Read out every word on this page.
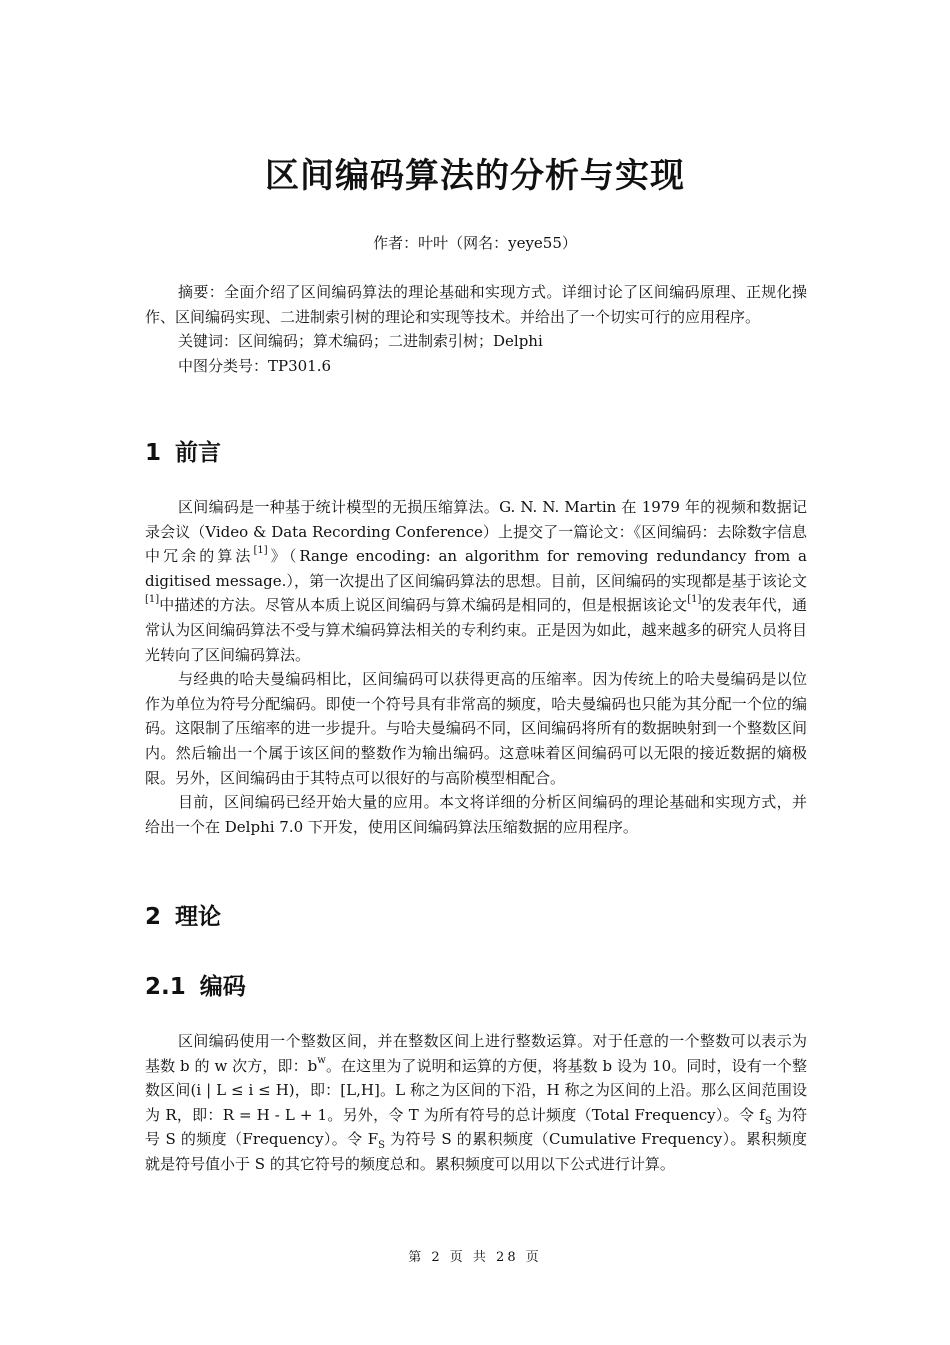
区间编码算法的分析与实现

作者：叶叶（网名：yeye55）

摘要：全面介绍了区间编码算法的理论基础和实现方式。详细讨论了区间编码原理、正规化操作、区间编码实现、二进制索引树的理论和实现等技术。并给出了一个切实可行的应用程序。

关键词：区间编码；算术编码；二进制索引树；Delphi

中图分类号：TP301.6

1 前言

区间编码是一种基于统计模型的无损压缩算法。G. N. N. Martin 在 1979 年的视频和数据记录会议（Video & Data Recording Conference）上提交了一篇论文：《区间编码：去除数字信息中冗余的算法[1]》（Range encoding: an algorithm for removing redundancy from a digitised message.），第一次提出了区间编码算法的思想。目前，区间编码的实现都是基于该论文[1]中描述的方法。尽管从本质上说区间编码与算术编码是相同的，但是根据该论文[1]的发表年代，通常认为区间编码算法不受与算术编码算法相关的专利约束。正是因为如此，越来越多的研究人员将目光转向了区间编码算法。

与经典的哈夫曼编码相比，区间编码可以获得更高的压缩率。因为传统上的哈夫曼编码是以位作为单位为符号分配编码。即使一个符号具有非常高的频度，哈夫曼编码也只能为其分配一个位的编码。这限制了压缩率的进一步提升。与哈夫曼编码不同，区间编码将所有的数据映射到一个整数区间内。然后输出一个属于该区间的整数作为输出编码。这意味着区间编码可以无限的接近数据的熵极限。另外，区间编码由于其特点可以很好的与高阶模型相配合。

目前，区间编码已经开始大量的应用。本文将详细的分析区间编码的理论基础和实现方式，并给出一个在 Delphi 7.0 下开发，使用区间编码算法压缩数据的应用程序。

2 理论
2.1 编码

区间编码使用一个整数区间，并在整数区间上进行整数运算。对于任意的一个整数可以表示为基数 b 的 w 次方，即：$b^w$。在这里为了说明和运算的方便，将基数 b 设为 10。同时，设有一个整数区间(i | L ≤ i ≤ H)，即：[L,H]。L 称之为区间的下沿，H 称之为区间的上沿。那么区间范围设为 R，即：R = H - L + 1。另外，令 T 为所有符号的总计频度（Total Frequency）。令 $f_S$ 为符号 S 的频度（Frequency）。令 $F_S$ 为符号 S 的累积频度（Cumulative Frequency）。累积频度就是符号值小于 S 的其它符号的频度总和。累积频度可以用以下公式进行计算。

第 2 页 共 28 页
